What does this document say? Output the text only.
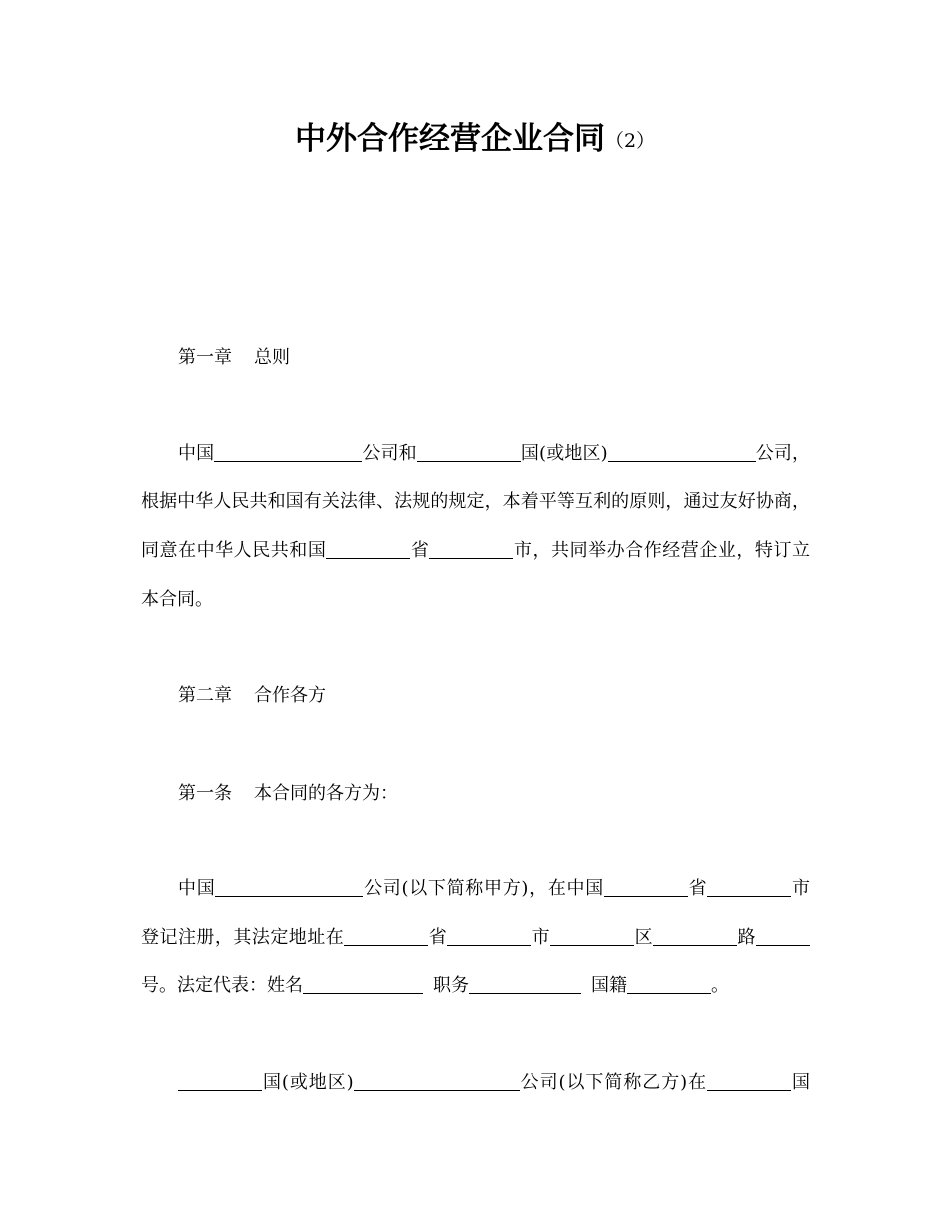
中外合作经营企业合同（2）
第一章 总则
中国	公司和	国(或地区)	公司，
根据中华人民共和国有关法律、法规的规定，本着平等互利的原则，通过友好协商，
同意在中华人民共和国	省	市，共同举办合作经营企业，特订立
本合同。
第二章 合作各方
第一条 本合同的各方为：
中国	公司(以下简称甲方)，在中国	省	市
登记注册，其法定地址在	省	市	区	路
号。法定代表：姓名	职务	国籍	。
国(或地区)	公司(以下简称乙方)在	国
